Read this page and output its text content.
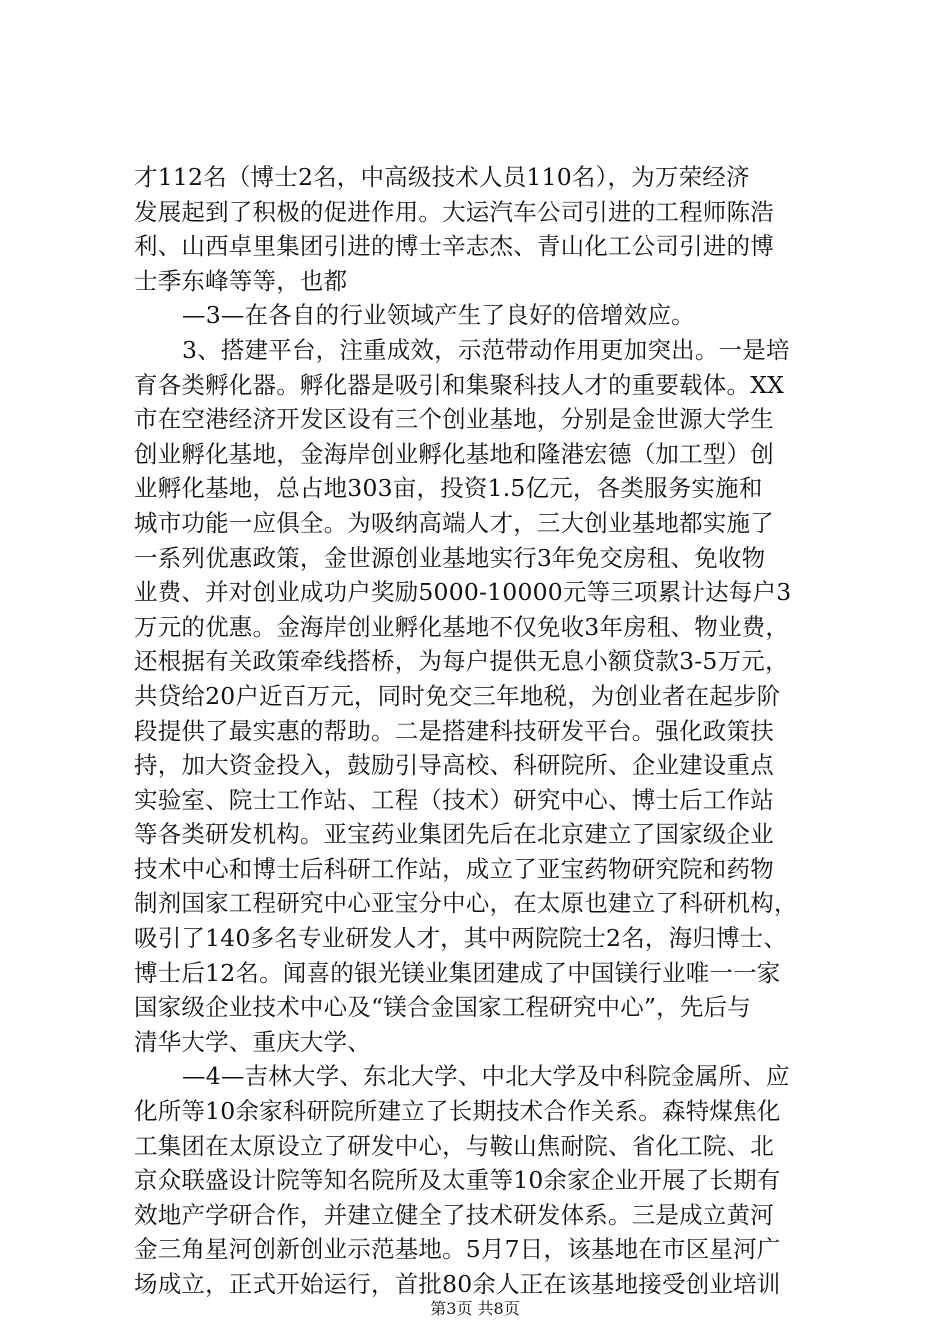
才112名（博士2名，中高级技术人员110名），为万荣经济
发展起到了积极的促进作用。大运汽车公司引进的工程师陈浩
利、山西卓里集团引进的博士辛志杰、青山化工公司引进的博
士季东峰等等，也都
—3—在各自的行业领域产生了良好的倍增效应。
3、搭建平台，注重成效，示范带动作用更加突出。一是培
育各类孵化器。孵化器是吸引和集聚科技人才的重要载体。XX
市在空港经济开发区设有三个创业基地，分别是金世源大学生
创业孵化基地，金海岸创业孵化基地和隆港宏德（加工型）创
业孵化基地，总占地303亩，投资1.5亿元，各类服务实施和
城市功能一应俱全。为吸纳高端人才，三大创业基地都实施了
一系列优惠政策，金世源创业基地实行3年免交房租、免收物
业费、并对创业成功户奖励5000-10000元等三项累计达每户3
万元的优惠。金海岸创业孵化基地不仅免收3年房租、物业费，
还根据有关政策牵线搭桥，为每户提供无息小额贷款3-5万元，
共贷给20户近百万元，同时免交三年地税，为创业者在起步阶
段提供了最实惠的帮助。二是搭建科技研发平台。强化政策扶
持，加大资金投入，鼓励引导高校、科研院所、企业建设重点
实验室、院士工作站、工程（技术）研究中心、博士后工作站
等各类研发机构。亚宝药业集团先后在北京建立了国家级企业
技术中心和博士后科研工作站，成立了亚宝药物研究院和药物
制剂国家工程研究中心亚宝分中心，在太原也建立了科研机构，
吸引了140多名专业研发人才，其中两院院士2名，海归博士、
博士后12名。闻喜的银光镁业集团建成了中国镁行业唯一一家
国家级企业技术中心及“镁合金国家工程研究中心”，先后与
清华大学、重庆大学、
—4—吉林大学、东北大学、中北大学及中科院金属所、应
化所等10余家科研院所建立了长期技术合作关系。森特煤焦化
工集团在太原设立了研发中心，与鞍山焦耐院、省化工院、北
京众联盛设计院等知名院所及太重等10余家企业开展了长期有
效地产学研合作，并建立健全了技术研发体系。三是成立黄河
金三角星河创新创业示范基地。5月7日，该基地在市区星河广
场成立，正式开始运行，首批80余人正在该基地接受创业培训
第3页 共8页
